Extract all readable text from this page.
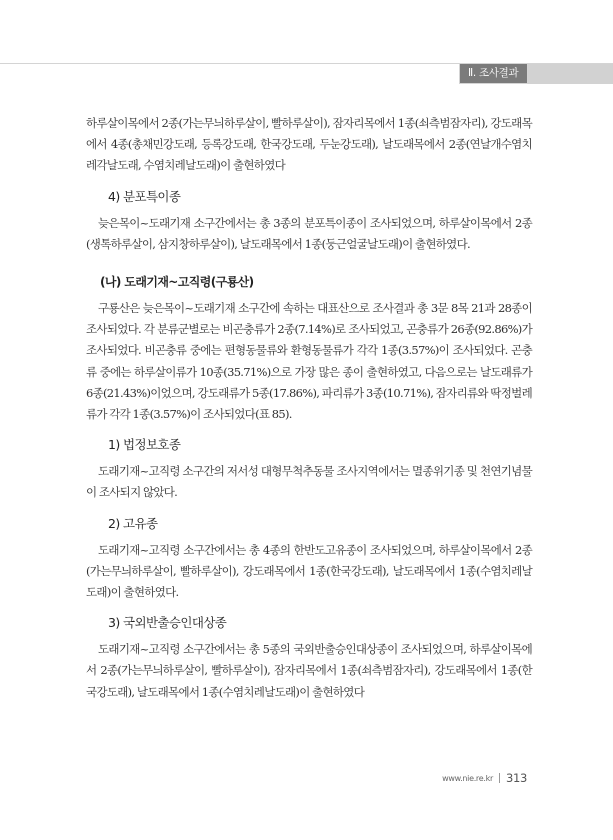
Ⅱ. 조사결과

하루살이목에서 2종(가는무늬하루살이, 빨하루살이), 잠자리목에서 1종(쇠측범잠자리), 강도래목에서 4종(총채민강도래, 등록강도래, 한국강도래, 두눈강도래), 날도래목에서 2종(연날개수염치레각날도래, 수염치레날도래)이 출현하였다

4) 분포특이종

늦은목이~도래기재 소구간에서는 총 3종의 분포특이종이 조사되었으며, 하루살이목에서 2종(생톡하루살이, 삼지창하루살이), 날도래목에서 1종(둥근얼굴날도래)이 출현하였다.

(나) 도래기재~고직령(구룡산)

구룡산은 늦은목이~도래기재 소구간에 속하는 대표산으로 조사결과 총 3문 8목 21과 28종이 조사되었다. 각 분류군별로는 비곤충류가 2종(7.14%)로 조사되었고, 곤충류가 26종(92.86%)가 조사되었다. 비곤충류 중에는 편형동물류와 환형동물류가 각각 1종(3.57%)이 조사되었다. 곤충류 중에는 하루살이류가 10종(35.71%)으로 가장 많은 종이 출현하였고, 다음으로는 날도래류가 6종(21.43%)이었으며, 강도래류가 5종(17.86%), 파리류가 3종(10.71%), 잠자리류와 딱정벌레류가 각각 1종(3.57%)이 조사되었다(표 85).

1) 법정보호종

도래기재~고직령 소구간의 저서성 대형무척추동물 조사지역에서는 멸종위기종 및 천연기념물이 조사되지 않았다.

2) 고유종

도래기재~고직령 소구간에서는 총 4종의 한반도고유종이 조사되었으며, 하루살이목에서 2종(가는무늬하루살이, 빨하루살이), 강도래목에서 1종(한국강도래), 날도래목에서 1종(수염치레날도래)이 출현하였다.

3) 국외반출승인대상종

도래기재~고직령 소구간에서는 총 5종의 국외반출승인대상종이 조사되었으며, 하루살이목에서 2종(가는무늬하루살이, 빨하루살이), 잠자리목에서 1종(쇠측범잠자리), 강도래목에서 1종(한국강도래), 날도래목에서 1종(수염치레날도래)이 출현하였다

www.nie.re.kr 313
